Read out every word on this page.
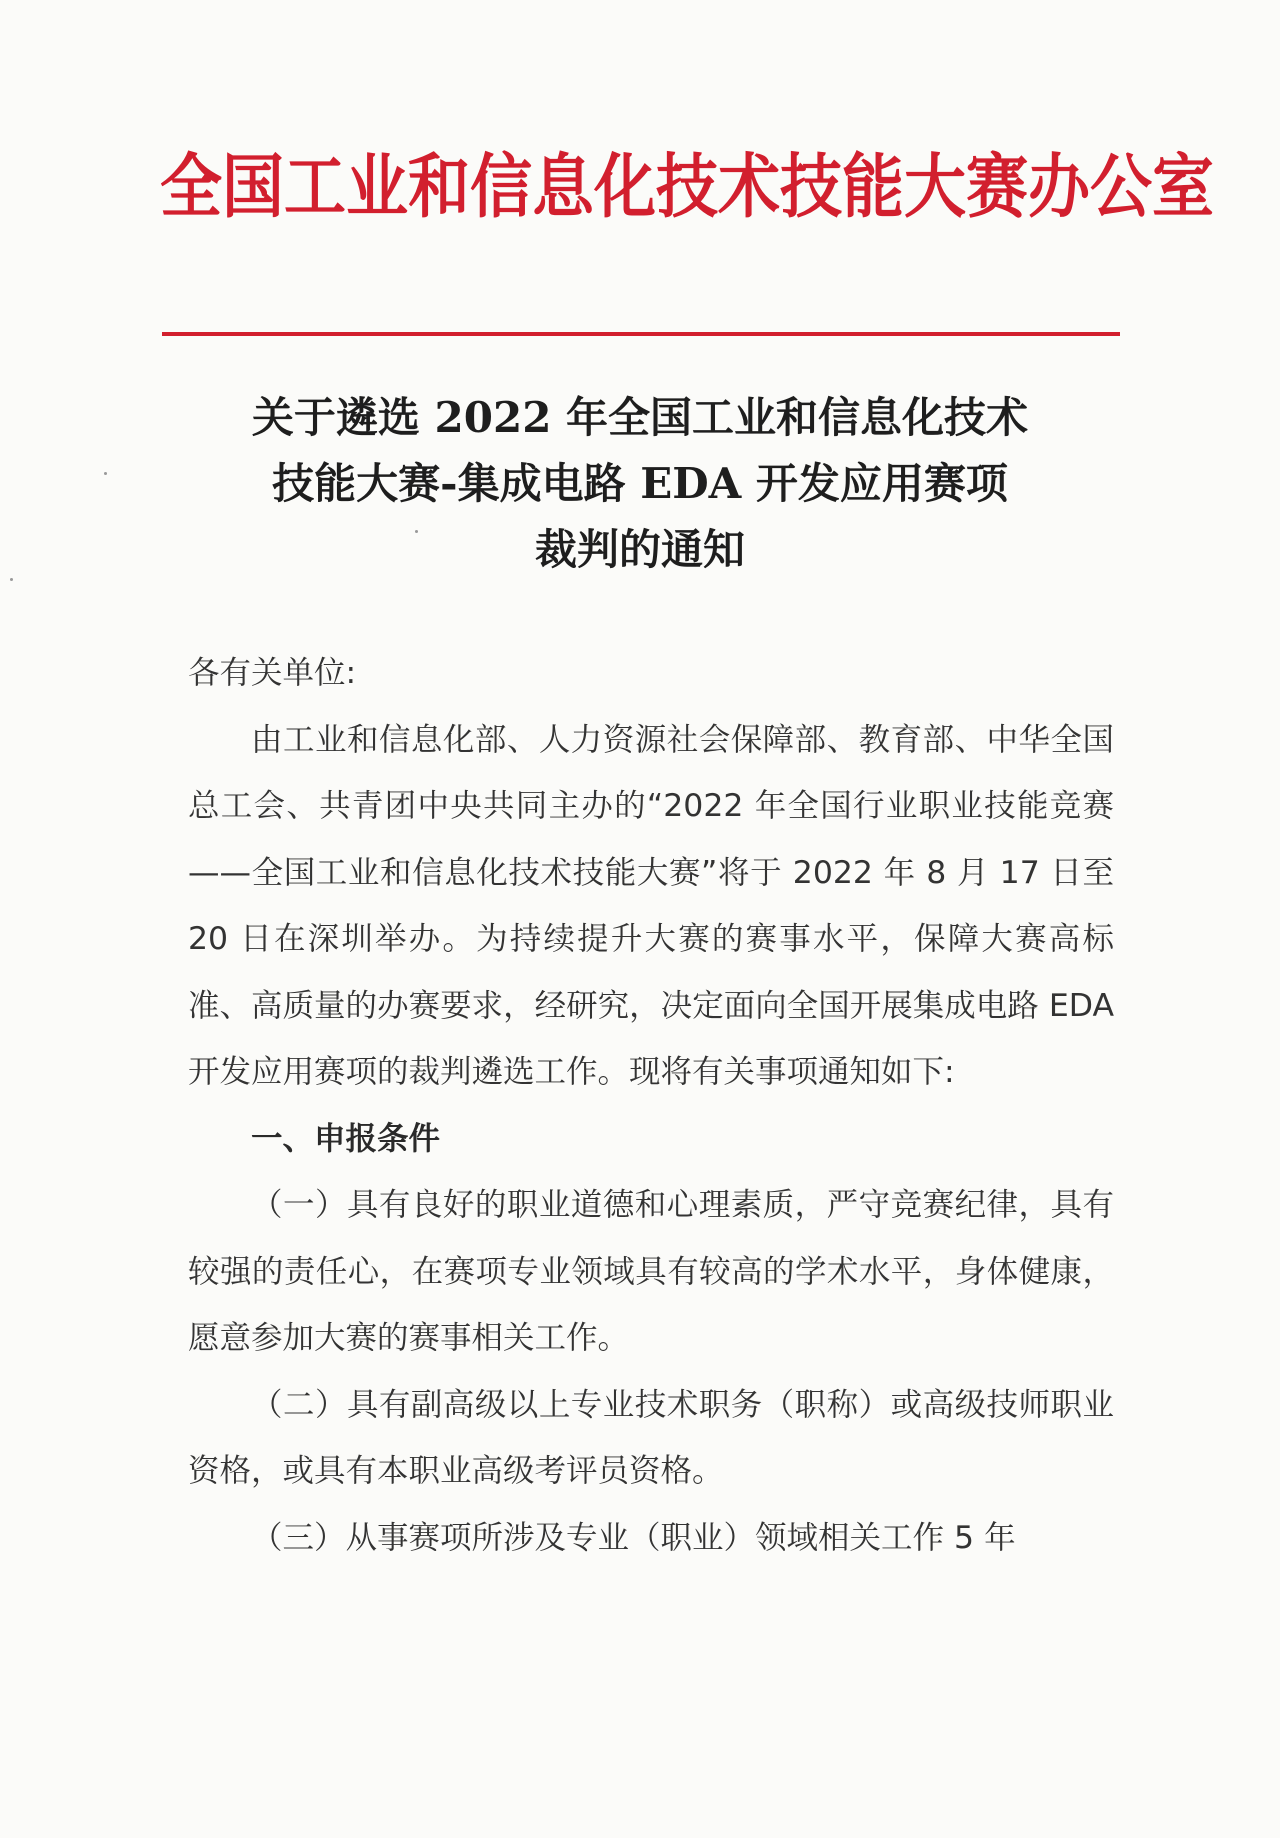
全国工业和信息化技术技能大赛办公室
关于遴选 2022 年全国工业和信息化技术
技能大赛-集成电路 EDA 开发应用赛项
裁判的通知

各有关单位:

由工业和信息化部、人力资源社会保障部、教育部、中华全国总工会、共青团中央共同主办的“2022 年全国行业职业技能竞赛——全国工业和信息化技术技能大赛”将于 2022 年 8 月 17 日至 20 日在深圳举办。为持续提升大赛的赛事水平，保障大赛高标准、高质量的办赛要求，经研究，决定面向全国开展集成电路 EDA 开发应用赛项的裁判遴选工作。现将有关事项通知如下:

一、申报条件

（一）具有良好的职业道德和心理素质，严守竞赛纪律，具有较强的责任心，在赛项专业领域具有较高的学术水平，身体健康，愿意参加大赛的赛事相关工作。

（二）具有副高级以上专业技术职务（职称）或高级技师职业资格，或具有本职业高级考评员资格。

（三）从事赛项所涉及专业（职业）领域相关工作 5 年
